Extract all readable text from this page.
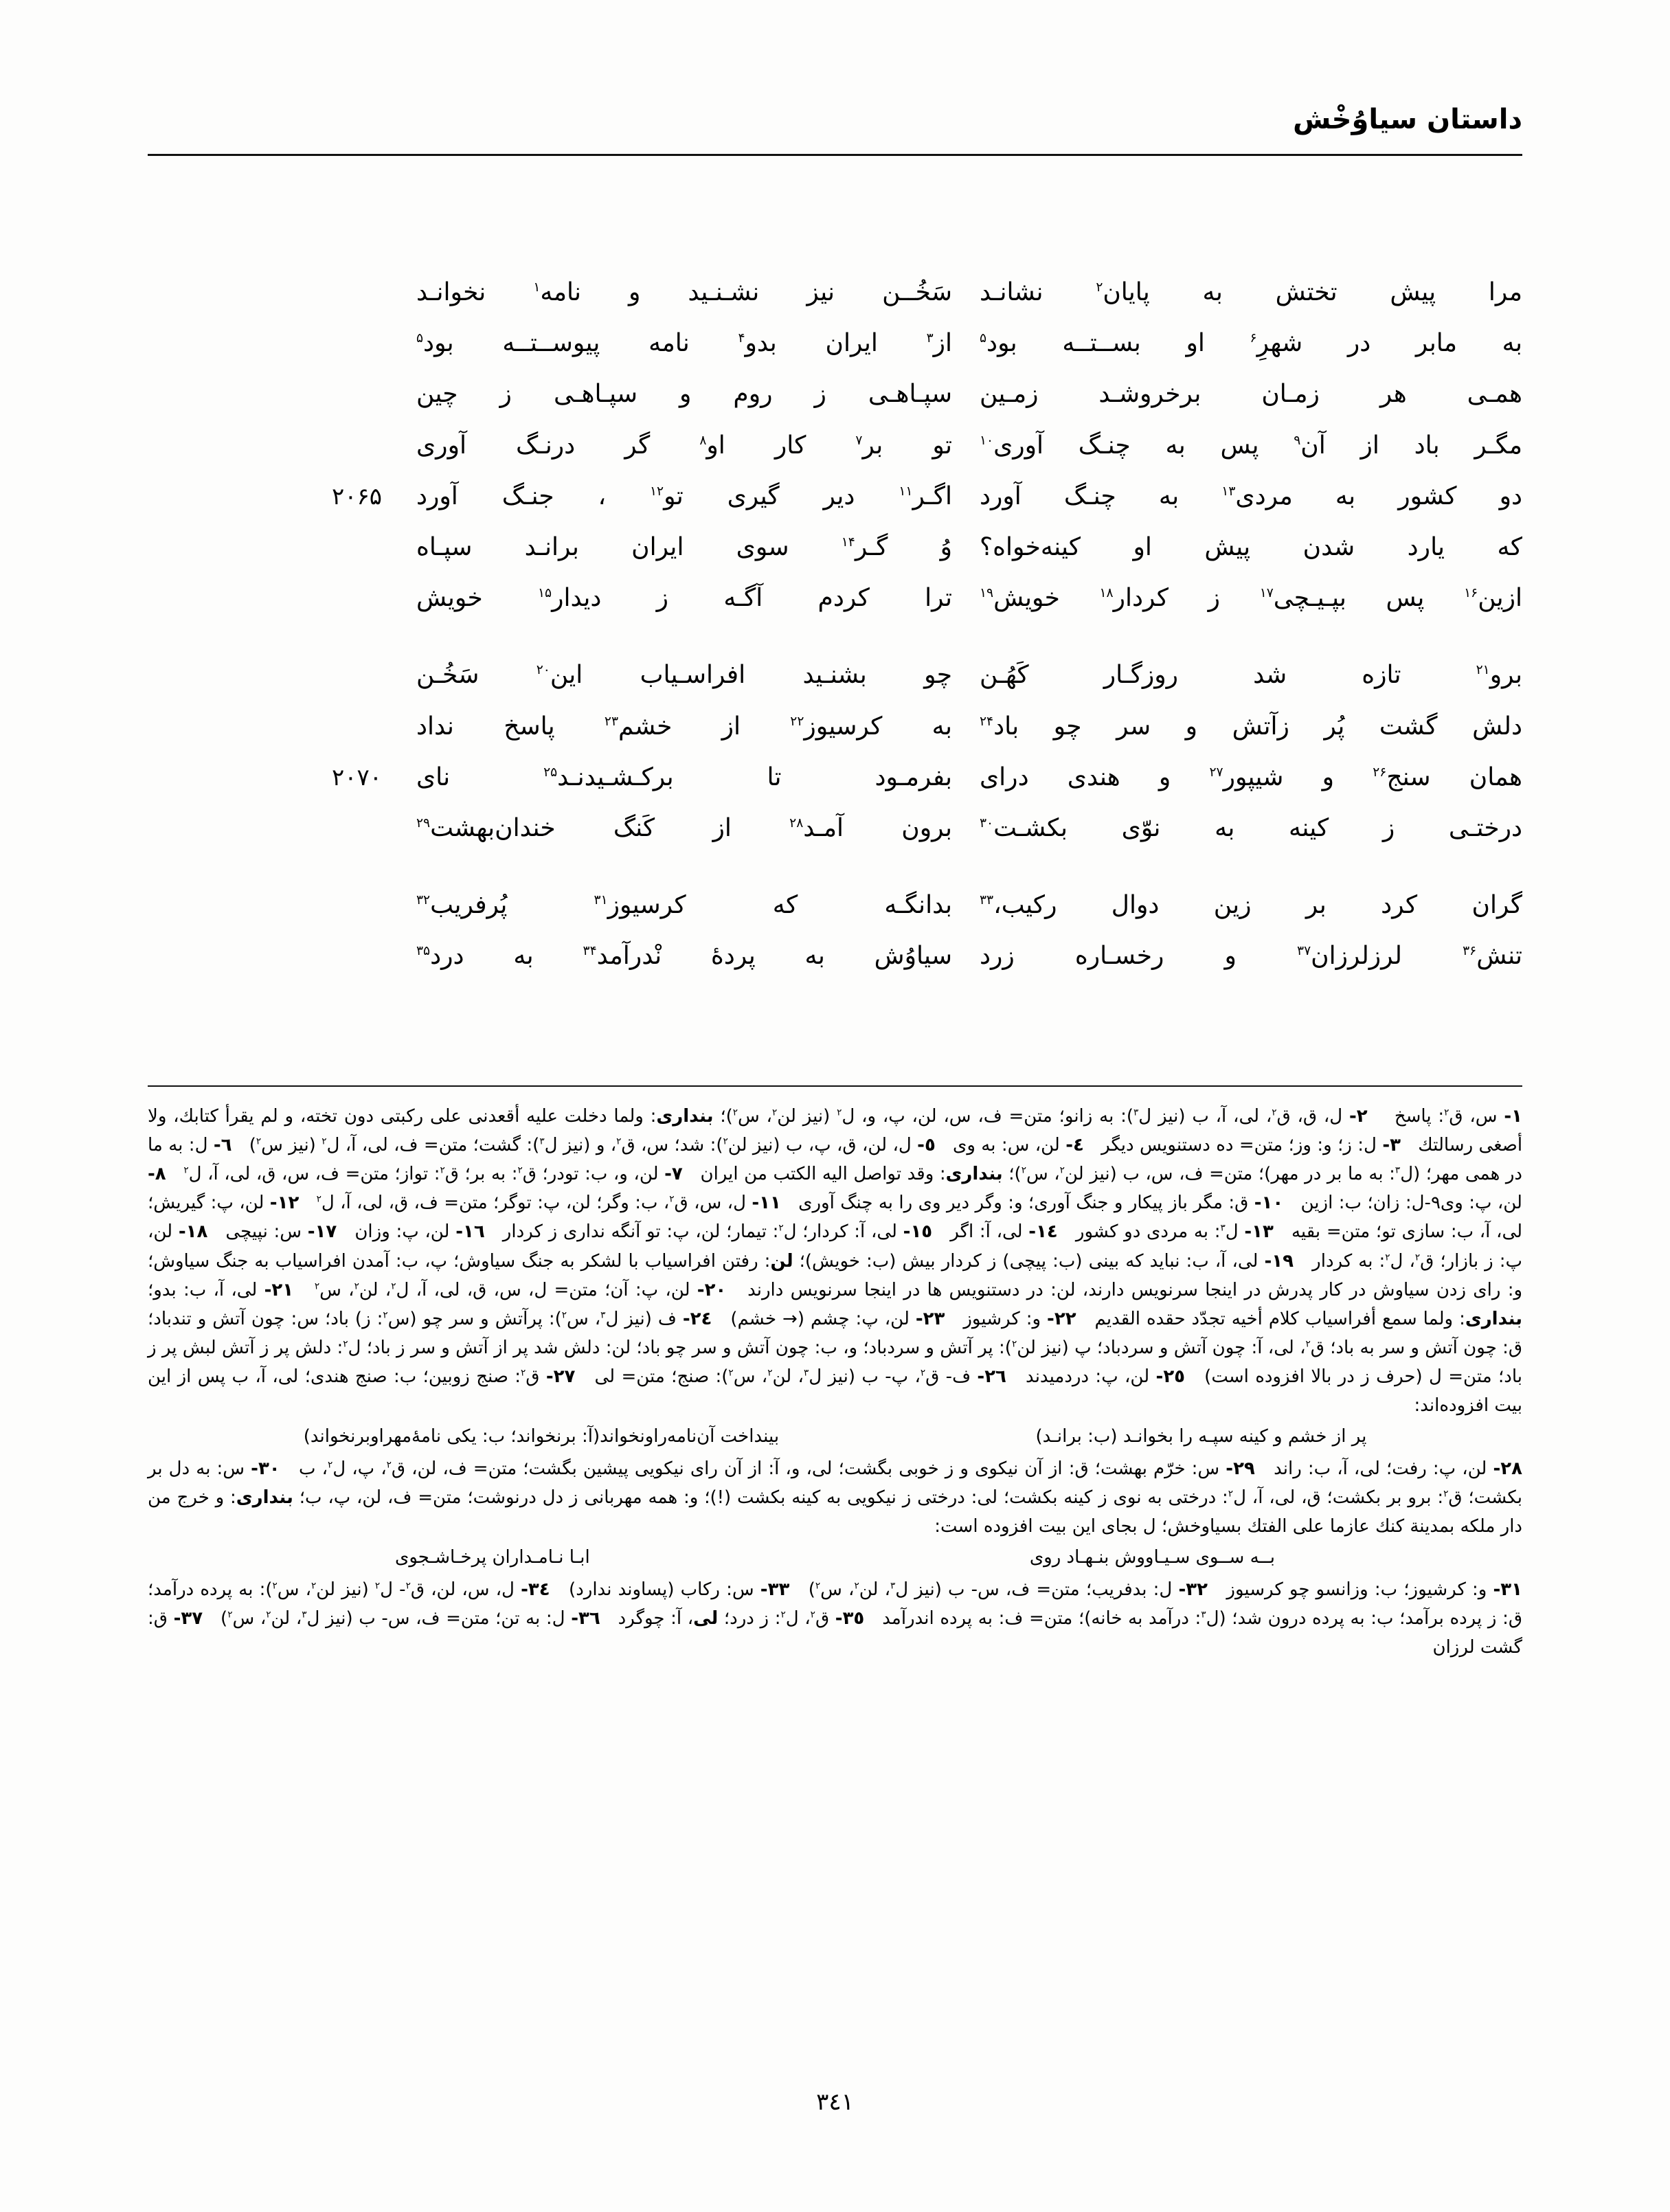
داستان سیاوُخْش
مرا پیش تختش به پایان$^۲$ نشانـد
سَخُــن نیز نشـنـید و نامه$^۱$ نخوانـد
به ما‌بر در شهرِ$^۶$ او بســتــه بود$^۵$
از$^۳$ ایران بدو$^۴$ نامه پیوســتــه بود$^۵$
همـی هر زمـان برخروشـد زمـین
سپـاهـی ز روم و سپـاهـی ز چین
مگـر باد از آن$^۹$ پس به چنـگ آوری$^{۱۰}$
تو بر$^۷$ کار او$^۸$ گر درنـگ آوری
دو کشور به مردی$^{۱۳}$ به چنـگ آورد
اگـر$^{۱۱}$ دیر گیری تو$^{۱۲}$ ، جنـگ آورد
۲۰۶۵
که یارد شدن پیش او کینه‌خواه؟
وُ گـر$^{۱۴}$ سوی ایران برانـد سپـاه
ازین$^{۱۶}$ پس بپـیـچی$^{۱۷}$ ز کردار$^{۱۸}$ خویش$^{۱۹}$
ترا کردم آگـه ز دیدار$^{۱۵}$ خویش
برو$^{۲۱}$ تازه شد روزگـار کَهُـن
چو بشنـید افراسـیاب این$^{۲۰}$ سَخُـن
دلش گشت پُر ز‌آتش و سر چو باد$^{۲۴}$
به کرسیوز$^{۲۲}$ از خشم$^{۲۳}$ پاسخ نداد
همان سنج$^{۲۶}$ و شیپور$^{۲۷}$ و هندی درای
بفرمـود تا برکـشـیدنـد$^{۲۵}$ نای
۲۰۷۰
درختـی ز کینه به نوّی بکشـت$^{۳۰}$
برون آمـد$^{۲۸}$ از کَنگ خندان‌بهشت$^{۲۹}$
گران کرد بر زین دوال رکیب،$^{۳۳}$
بدانگـه که کرسیوز$^{۳۱}$ پُرفریب$^{۳۲}$
تنش$^{۳۶}$ لرزلرزان$^{۳۷}$ و رخسـاره زرد
سیاوُش به پردهٔ نْدرآمد$^{۳۴}$ به درد$^{۳۵}$

۱- س، ق$^۲$: پاسخ    ۲- ل، ق، ق$^۲$، لی، آ، ب (نیز ل$^۳$): به زانو؛ متن= ف، س، لن، پ، و، ل$^۲$ (نیز لن$^۲$، س$^۲$)؛ بنداری: ولما دخلت علیه أقعدنی علی رکبتی دون تخته، و لم یقرأ کتابك، ولا أصغی رسالتك   ۳- ل: ز؛ و: وز؛ متن= ده دستنویس دیگر   ٤- لن، س: به وی   ٥- ل، لن، ق، پ، ب (نیز لن$^۲$): شد؛ س، ق$^۲$، و (نیز ل$^۳$): گشت؛ متن= ف، لی، آ، ل$^۲$ (نیز س$^۲$)   ٦- ل: به ما در همی مهر؛ (ل$^۳$: به ما بر در مهر)؛ متن= ف، س، ب (نیز لن$^۲$، س$^۲$)؛ بنداری: وقد تواصل الیه الکتب من ایران   ۷- لن، و، ب: تودر؛ ق$^۲$: به بر؛ ق$^۲$: تواز؛ متن= ف، س، ق، لی، آ، ل$^۲$   ۸- لن، پ: وی‌۹-ل: زان؛ ب: ازین   ۱۰- ق: مگر باز پیکار و جنگ آوری؛ و: وگر دیر وی را به چنگ آوری   ۱۱- ل، س، ق$^۲$، ب: وگر؛ لن، پ: توگر؛ متن= ف، ق، لی، آ، ل$^۲$   ۱۲- لن، پ: گیریش؛ لی، آ، ب: سازی تو؛ متن= بقیه   ۱۳- ل$^۳$: به مردی دو کشور   ۱٤- لی، آ: اگر   ۱٥- لی، آ: کردار؛ ل$^۲$: تیمار؛ لن، پ: تو آنگه نداری ز کردار   ۱٦- لن، پ: وزان   ۱۷- س: نپیچی   ۱۸- لن، پ: ز بازار؛ ق$^۲$، ل$^۲$: به کردار   ۱۹- لی، آ، ب: نباید که بینی (ب: پیچی) ز کردار بیش (ب: خویش)؛ لن: رفتن افراسیاب با لشکر به جنگ سیاوش؛ پ، ب: آمدن افراسیاب به جنگ سیاوش؛ و: رای زدن سیاوش در کار پدرش در اینجا سرنویس دارند، لن: در دستنویس ها در اینجا سرنویس دارند   ۲۰- لن، پ: آن؛ متن= ل، س، ق، لی، آ، ل$^۲$، لن$^۲$، س$^۲$   ۲۱- لی، آ، ب: بدو؛ بنداری: ولما سمع أفراسیاب کلام أخیه تجدّد حقده القدیم   ۲۲- و: کرشیوز   ۲۳- لن، پ: چشم (→ خشم)   ۲٤- ف (نیز ل$^۳$، س$^۲$): پر‌آتش و سر چو (س$^۲$: ز) باد؛ س: چون آتش و تندباد؛ ق: چون آتش و سر به باد؛ ق$^۲$، لی، آ: چون آتش و سردباد؛ پ (نیز لن$^۲$): پر آتش و سردباد؛ و، ب: چون آتش و سر چو باد؛ لن: دلش شد پر از آتش و سر ز باد؛ ل$^۲$: دلش پر ز آتش لبش پر ز باد؛ متن= ل (حرف ز در بالا افزوده است)   ۲٥- لن، پ: دردمیدند   ۲٦- ف- ق$^۲$، پ- ب (نیز ل$^۳$، لن$^۲$، س$^۲$): صنج؛ متن= لی   ۲۷- ق$^۲$: صنج زوبین؛ ب: صنج هندی؛ لی، آ، ب پس از این بیت افزوده‌اند:

پر از خشم و کینه سپـه را بخوانـد (ب: برانـد)
بینداخت آن‌نامه‌راو‌نخواند(آ: برنخواند؛ ب: یکی نامهٔ‌مهر‌او‌برنخواند)

۲۸- لن، پ: رفت؛ لی، آ، ب: راند   ۲۹- س: خرّم بهشت؛ ق: از آن نیکوی و ز خوبی بگشت؛ لی، و، آ: از آن رای نیکویی پیشین بگشت؛ متن= ف، لن، ق$^۲$، پ، ل$^۲$، ب   ۳۰- س: به دل بر بکشت؛ ق$^۲$: برو بر بکشت؛ ق، لی، آ، ل$^۲$: درختی به نوی ز کینه بکشت؛ لی: درختی ز نیکویی به کینه بکشت (!)؛ و: همه مهربانی ز دل درنوشت؛ متن= ف، لن، پ، ب؛ بنداری: و خرج من دار ملکه بمدینة کنك عازما علی الفتك بسیاوخش؛ ل بجای این بیت افزوده است:

بــه ســوی سـیـاووش بنـهـاد روی
ابـا نـامـداران پرخـاشـجوی

۳۱- و: کرشیوز؛ ب: وزانسو چو کرسیوز   ۳۲- ل: بدفریب؛ متن= ف، س- ب (نیز ل$^۳$، لن$^۲$، س$^۲$)   ۳۳- س: رکاب (پساوند ندارد)   ۳٤- ل، س، لن، ق$^۲$- ل$^۲$ (نیز لن$^۲$، س$^۲$): به پرده درآمد؛ ق: ز پرده برآمد؛ ب: به پرده درون شد؛ (ل$^۳$: درآمد به خانه)؛ متن= ف: به پرده اندرآمد   ۳٥- ق$^۲$، ل$^۲$: ز درد؛ لی، آ: چوگرد   ۳٦- ل: به تن؛ متن= ف، س- ب (نیز ل$^۳$، لن$^۲$، س$^۲$)   ۳۷- ق: گشت لرزان

۳٤۱
